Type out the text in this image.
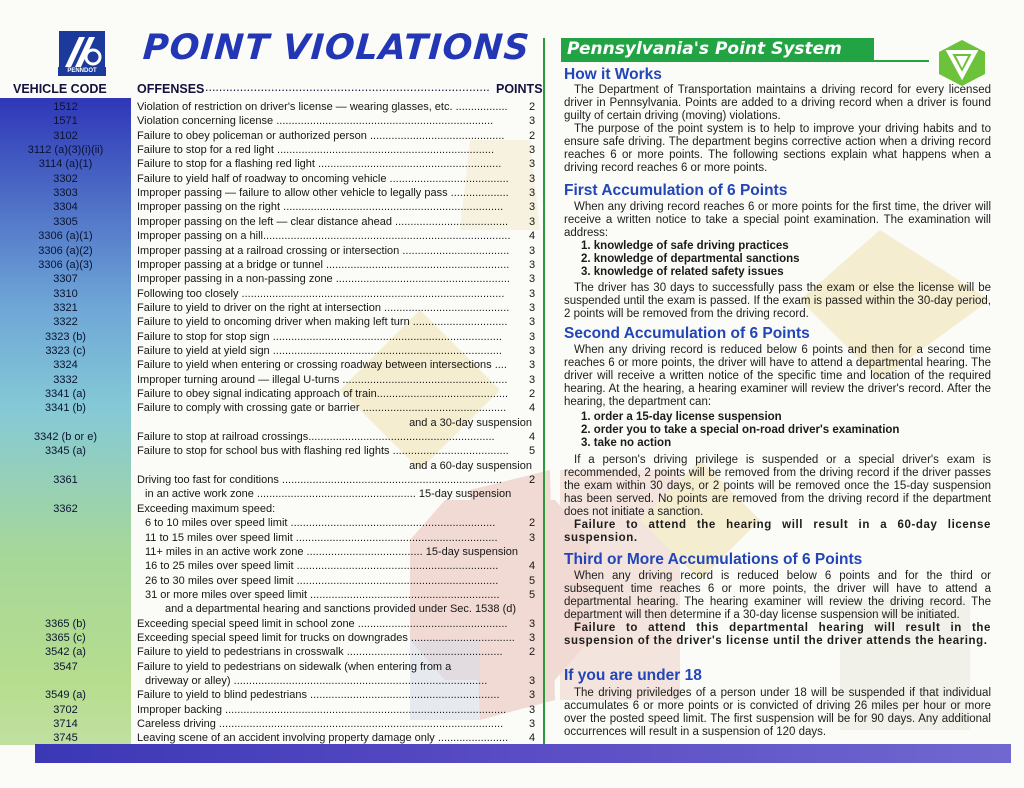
PENNDOT
POINT VIOLATIONS
VEHICLE CODE OFFENSES .................................................................................. POINTS
1512	Violation of restriction on driver's license — wearing glasses, etc. .................	2
1571	Violation concerning license .......................................................................	3
3102	Failure to obey policeman or authorized person ............................................	2
3112 (a)(3)(i)(ii)	Failure to stop for a red light .......................................................................	3
3114 (a)(1)	Failure to stop for a flashing red light ............................................................	3
3302	Failure to yield half of roadway to oncoming vehicle .......................................	3
3303	Improper passing — failure to allow other vehicle to legally pass ...................	3
3304	Improper passing on the right ........................................................................	3
3305	Improper passing on the left — clear distance ahead .....................................	3
3306 (a)(1)	Improper passing on a hill.................................................................................	4
3306 (a)(2)	Improper passing at a railroad crossing or intersection ...................................	3
3306 (a)(3)	Improper passing at a bridge or tunnel ............................................................	3
3307	Improper passing in a non-passing zone .........................................................	3
3310	Following too closely ......................................................................................	3
3321	Failure to yield to driver on the right at intersection .........................................	3
3322	Failure to yield to oncoming driver when making left turn ...............................	3
3323 (b)	Failure to stop for stop sign ...........................................................................	3
3323 (c)	Failure to yield at yield sign ...........................................................................	3
3324	Failure to yield when entering or crossing roadway between intersections ....	3
3332	Improper turning around — illegal U-turns ......................................................	3
3341 (a)	Failure to obey signal indicating approach of train...........................................	2
3341 (b)	Failure to comply with crossing gate or barrier ...............................................	4
and a 30-day suspension
3342 (b or e)	Failure to stop at railroad crossings.............................................................	4
3345 (a)	Failure to stop for school bus with flashing red lights ......................................	5
and a 60-day suspension
3361	Driving too fast for conditions ........................................................................	2
in an active work zone .................................................... 15-day suspension
3362	Exceeding maximum speed:
6 to 10 miles over speed limit ...................................................................	2
11 to 15 miles over speed limit ..................................................................	3
11+ miles in an active work zone ...................................... 15-day suspension
16 to 25 miles over speed limit ..................................................................	4
26 to 30 miles over speed limit ..................................................................	5
31 or more miles over speed limit ..............................................................	5
and a departmental hearing and sanctions provided under Sec. 1538 (d)
3365 (b)	Exceeding special speed limit in school zone .................................................	3
3365 (c)	Exceeding special speed limit for trucks on downgrades ..................................	3
3542 (a)	Failure to yield to pedestrians in crosswalk ...................................................	2
3547	Failure to yield to pedestrians on sidewalk (when entering from a
driveway or alley) ...................................................................................	3
3549 (a)	Failure to yield to blind pedestrians ..............................................................	3
3702	Improper backing ............................................................................................	3
3714	Careless driving .............................................................................................	3
3745	Leaving scene of an accident involving property damage only .......................	4
Pennsylvania's Point System
How it Works

The Department of Transportation maintains a driving record for every licensed driver in Pennsylvania. Points are added to a driving record when a driver is found guilty of certain driving (moving) violations.

The purpose of the point system is to help to improve your driving habits and to ensure safe driving. The department begins corrective action when a driving record reaches 6 or more points. The following sections explain what happens when a driving record reaches 6 or more points.

First Accumulation of 6 Points

When any driving record reaches 6 or more points for the first time, the driver will receive a written notice to take a special point examination. The examination will address:

1. knowledge of safe driving practices
2. knowledge of departmental sanctions
3. knowledge of related safety issues

The driver has 30 days to successfully pass the exam or else the license will be suspended until the exam is passed. If the exam is passed within the 30-day period, 2 points will be removed from the driving record.

Second Accumulation of 6 Points

When any driving record is reduced below 6 points and then for a second time reaches 6 or more points, the driver will have to attend a departmental hearing. The driver will receive a written notice of the specific time and location of the required hearing. At the hearing, a hearing examiner will review the driver's record. After the hearing, the department can:

1. order a 15-day license suspension
2. order you to take a special on-road driver's examination
3. take no action

If a person's driving privilege is suspended or a special driver's exam is recommended, 2 points will be removed from the driving record if the driver passes the exam within 30 days, or 2 points will be removed once the 15-day suspension has been served. No points are removed from the driving record if the department does not initiate a sanction.

Failure to attend the hearing will result in a 60-day license suspension.

Third or More Accumulations of 6 Points

When any driving record is reduced below 6 points and for the third or subsequent time reaches 6 or more points, the driver will have to attend a departmental hearing. The hearing examiner will review the driving record. The department will then determine if a 30-day license suspension will be initiated.

Failure to attend this departmental hearing will result in the suspension of the driver's license until the driver attends the hearing.

If you are under 18

The driving priviledges of a person under 18 will be suspended if that individual accumulates 6 or more points or is convicted of driving 26 miles per hour or more over the posted speed limit. The first suspension will be for 90 days. Any additional occurrences will result in a suspension of 120 days.
